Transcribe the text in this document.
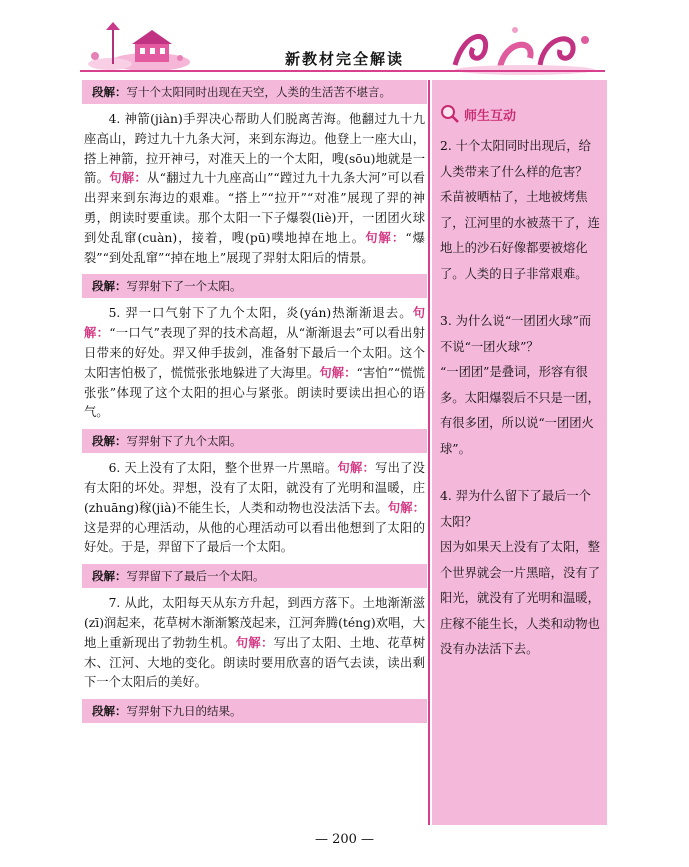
新教材完全解读
段解：写十个太阳同时出现在天空，人类的生活苦不堪言。

4. 神箭(jiàn)手羿决心帮助人们脱离苦海。他翻过九十九座高山，跨过九十九条大河，来到东海边。他登上一座大山，搭上神箭，拉开神弓，对准天上的一个太阳，嗖(sōu)地就是一箭。句解：从“翻过九十九座高山”“蹚过九十九条大河”可以看出羿来到东海边的艰难。“搭上”“拉开”“对准”展现了羿的神勇，朗读时要重读。那个太阳一下子爆裂(liè)开，一团团火球到处乱窜(cuàn)，接着，嗖(pū)噗地掉在地上。句解：“爆裂”“到处乱窜”“掉在地上”展现了羿射太阳后的情景。

段解：写羿射下了一个太阳。

5. 羿一口气射下了九个太阳，炎(yán)热渐渐退去。句解：“一口气”表现了羿的技术高超，从“渐渐退去”可以看出射日带来的好处。羿又伸手拔剑，准备射下最后一个太阳。这个太阳害怕极了，慌慌张张地躲进了大海里。句解：“害怕”“慌慌张张”体现了这个太阳的担心与紧张。朗读时要读出担心的语气。

段解：写羿射下了九个太阳。

6. 天上没有了太阳，整个世界一片黑暗。句解：写出了没有太阳的坏处。羿想，没有了太阳，就没有了光明和温暖，庄(zhuāng)稼(jià)不能生长，人类和动物也没法活下去。句解：这是羿的心理活动，从他的心理活动可以看出他想到了太阳的好处。于是，羿留下了最后一个太阳。

段解：写羿留下了最后一个太阳。

7. 从此，太阳每天从东方升起，到西方落下。土地渐渐滋(zī)润起来，花草树木渐渐繁茂起来，江河奔腾(téng)欢唱，大地上重新现出了勃勃生机。句解：写出了太阳、土地、花草树木、江河、大地的变化。朗读时要用欣喜的语气去读，读出剩下一个太阳后的美好。

段解：写羿射下九日的结果。
师生互动

2. 十个太阳同时出现后，给人类带来了什么样的危害？

禾苗被晒枯了，土地被烤焦了，江河里的水被蒸干了，连地上的沙石好像都要被熔化了。人类的日子非常艰难。

3. 为什么说“一团团火球”而不说“一团火球”？

“一团团”是叠词，形容有很多。太阳爆裂后不只是一团，有很多团，所以说“一团团火球”。

4. 羿为什么留下了最后一个太阳？

因为如果天上没有了太阳，整个世界就会一片黑暗，没有了阳光，就没有了光明和温暖，庄稼不能生长，人类和动物也没有办法活下去。

— 200 —
